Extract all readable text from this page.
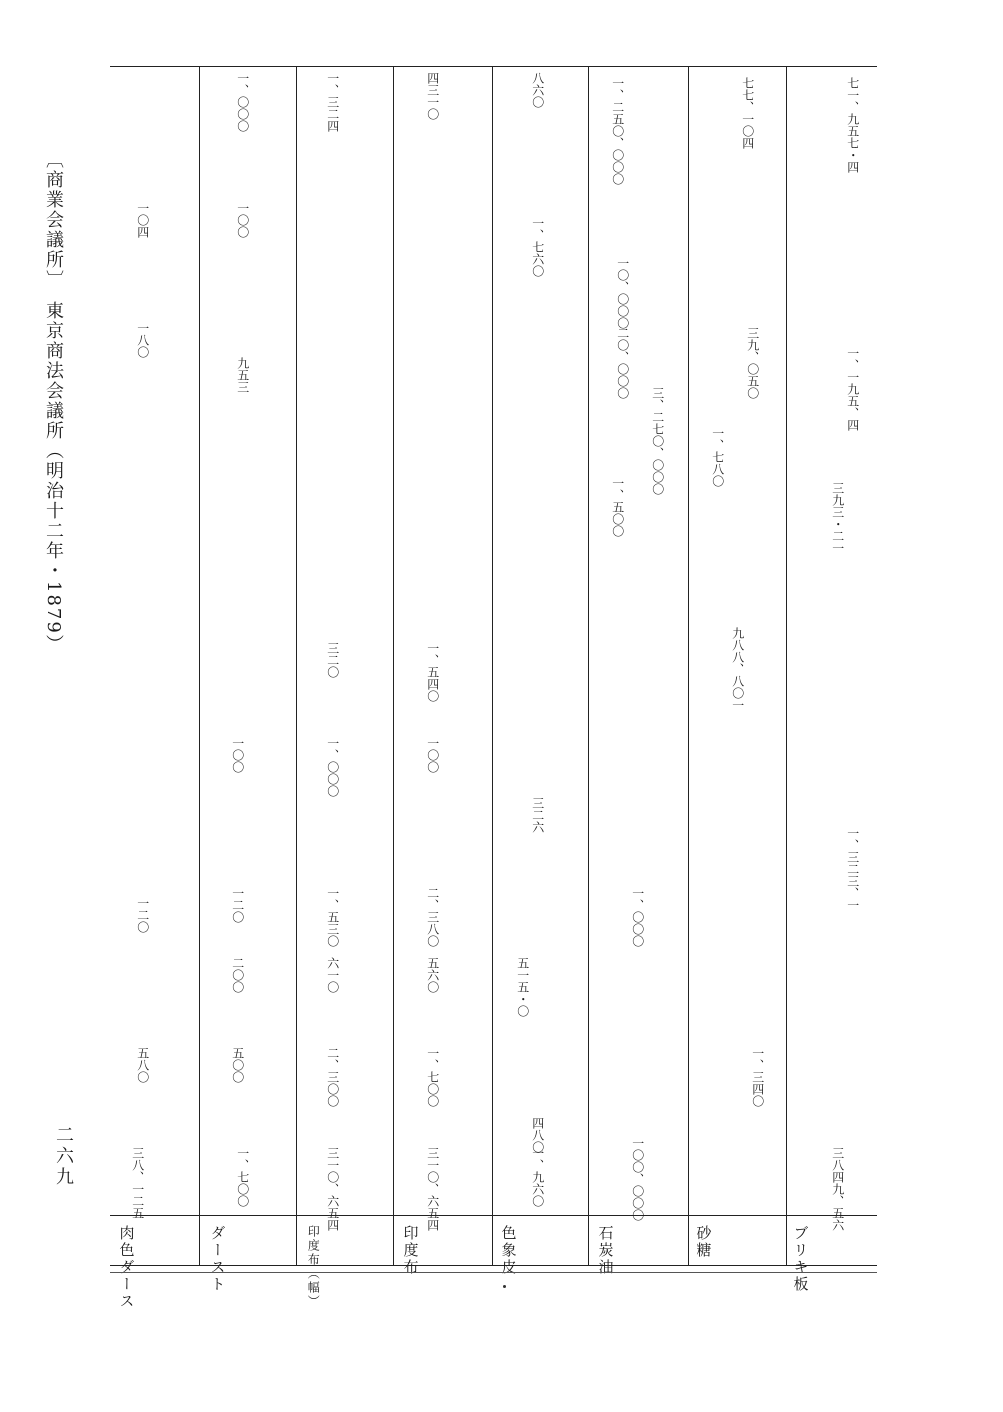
〔商業会議所〕　東京商法会議所（明治十二年・1879）
二六九
ブリキ板
砂糖
石炭油
色象皮
印度布
印度布（幅）
ダースト
肉色ダース
三八四九、五六
一、三二三、一
一、一九五、四
三九三・二一
七一、九五七・四
一、三四〇
九八八、八〇一
一、七八〇
三九、〇五〇
七七、一〇四
一〇〇、〇〇〇
一、〇〇〇
一、五〇〇
三、二七〇、〇〇〇
一〇、〇〇〇
二〇、〇〇〇
一、二五〇、〇〇〇
一、九六〇
四八〇
三二六
五一五・〇
一、七六〇
八六〇
三一〇、六五四
一、七〇〇
五六〇
二、三八〇
一〇〇
一、五四〇
四三一〇
三一〇、六五四
二、三〇〇
六一〇
一、五三〇
一、〇〇〇
三二〇
一、三二四
一、七〇〇
五〇〇
二〇〇
一二〇
一〇〇
九五三
一〇〇
一、〇〇〇
三八、一二五
五八〇
一二〇
一八〇
一〇四
